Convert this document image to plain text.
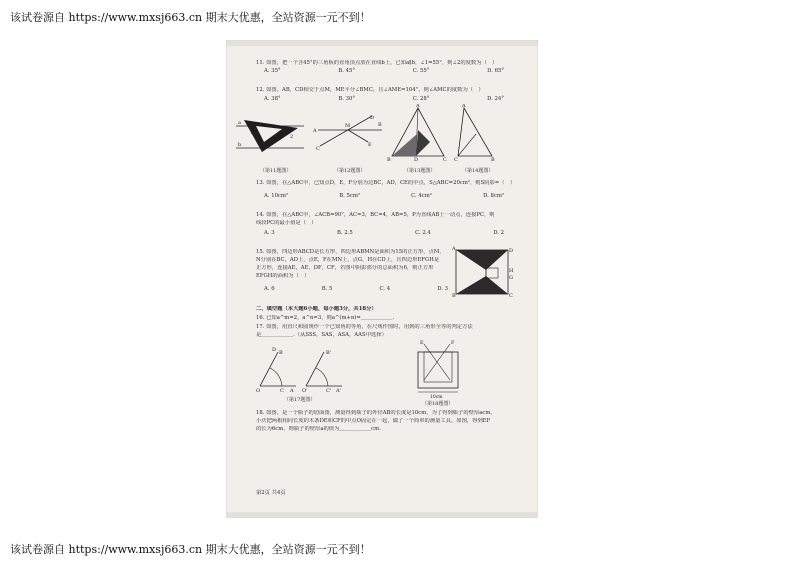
该试卷源自 https://www.mxsj663.cn 期末大优惠，全站资源一元不到！
11. 如图，把一个含45°的三角板的直角顶点放在直线b上，已知a∥b，∠1=55°，则∠2的度数为（　）
A. 35°	B. 45°	C. 55°	D. 65°
12. 如图，AB，CD相交于点M，ME平分∠BMC，且∠AME=104°，则∠AMC的度数为（　）
A. 38°	B. 30°	C. 28°	D. 24°
a
b
1
2
A
B
M
C
D
E
A
B	C
D
A
C	B
（第11题图）	（第12题图）	（第13题图）	（第14题图）
13. 如图，在△ABC中，已知点D，E，F分别为边BC，AD，CE的中点，S△ABC=20cm²，则S阴影=（　）
A. 10cm²	B. 5cm²	C. 4cm²	D. 8cm²
14. 如图，在△ABC中，∠ACB=90°，AC=3，BC=4，AB=5，P为直线AB上一动点，连接PC，则
线段PC的最小值是（　）
A. 3	B. 2.5	C. 2.4	D. 2
15. 如图，四边形ABCD是长方形，四边形ABMN是面积为15的正方形，点M，
N分别在BC，AD上，点E，F在MN上，点G，H在CD上，且四边形EFGH是
正方形，连接AE，AE，DF，CF，若图中阴影部分的总面积为6，则正方形
EFGH的面积为（　）
A. 6	B. 5	C. 4	D. 3
A	D
B	C
H
G
二、填空题（本大题6小题，每小题3分，共18分）
16. 已知a^m=2，a^n=3，则a^(m+n)=＿＿＿＿＿＿.
17. 如图，用直尺和圆规作一个已知角的等角，在尺规作图时，用到的三角形全等的判定方法
是＿＿＿＿＿＿.（从SSS，SAS，ASA，AAS中选择）
O	C A
D B
O'	C' A'
B'
（第17题图）	10cm
E	F
（第18题图）
18. 如图，是一个瓶子的切面图，测量得到瓶子的外径AB的长度是10cm，为了得到瓶子的壁厚acm，
小庆把两根相同长度的木条DE和CF的中点O固定在一起，做了一个简单的测量工具，如图，得到EF
的长为6cm，则瓶子的壁厚a的值为＿＿＿＿＿＿cm.
第2页 共4页
该试卷源自 https://www.mxsj663.cn 期末大优惠，全站资源一元不到！
